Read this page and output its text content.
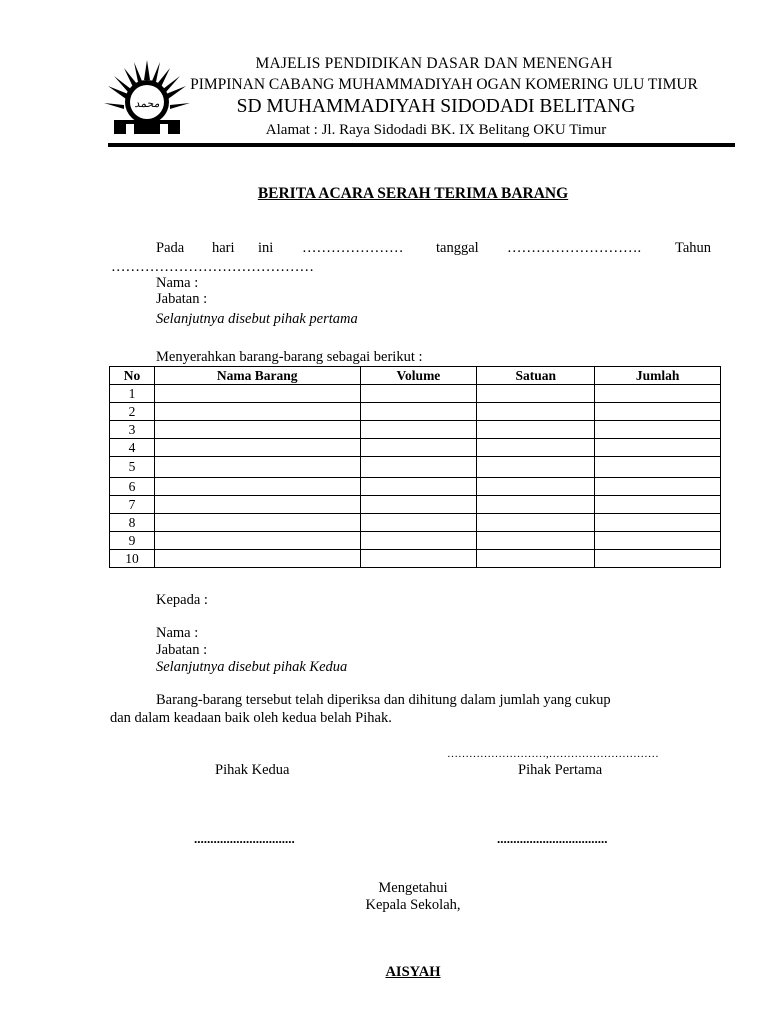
محمد
MAJELIS PENDIDIKAN DASAR DAN MENENGAH
PIMPINAN CABANG MUHAMMADIYAH OGAN KOMERING ULU TIMUR
SD MUHAMMADIYAH SIDODADI BELITANG
Alamat : Jl. Raya Sidodadi BK. IX Belitang OKU Timur
BERITA ACARA SERAH TERIMA BARANG
Pada hari ini ………………… tanggal ………………………. Tahun
……………………………………
Nama :
Jabatan :
Selanjutnya disebut pihak pertama
Menyerahkan barang-barang sebagai berikut :
No	Nama Barang	Volume	Satuan	Jumlah
1				
2				
3				
4				
5				
6				
7				
8				
9				
10				
Kepada :
Nama :
Jabatan :
Selanjutnya disebut pihak Kedua
Barang-barang tersebut telah diperiksa dan dihitung dalam jumlah yang cukup
dan dalam keadaan baik oleh kedua belah Pihak.
………………………,…………………………
Pihak Kedua	Pihak Pertama
...............................	..................................
Mengetahui
Kepala Sekolah,
AISYAH
